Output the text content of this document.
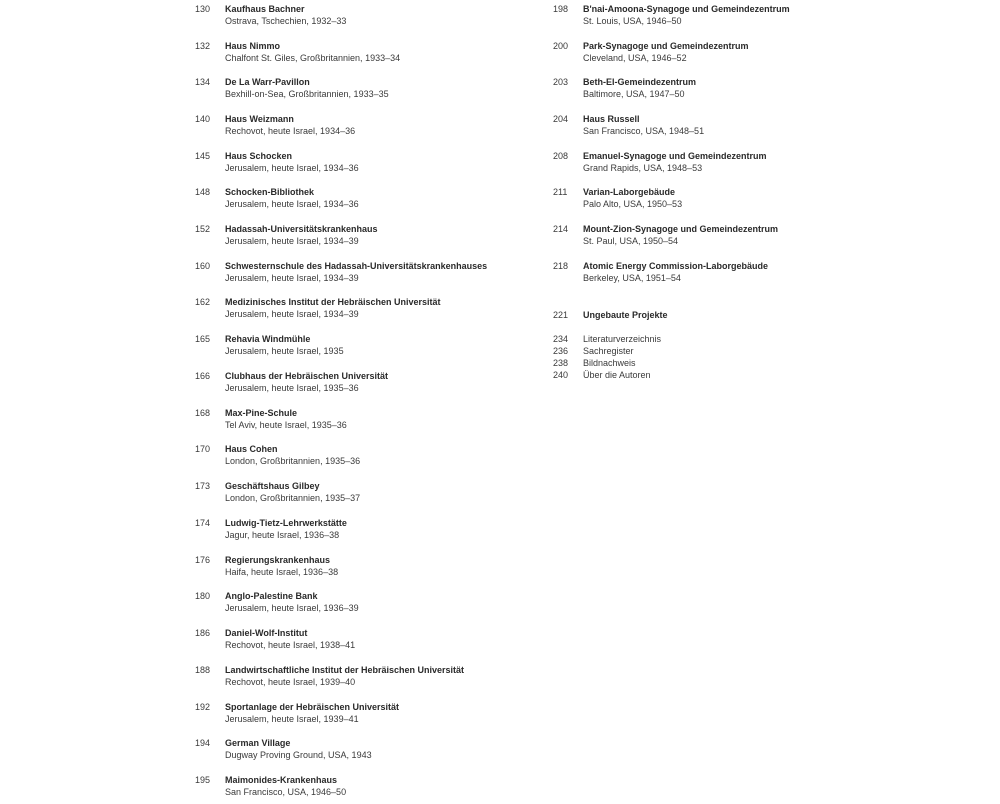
130	Kaufhaus Bachner
Ostrava, Tschechien, 1932–33
132	Haus Nimmo
Chalfont St. Giles, Großbritannien, 1933–34
134	De La Warr-Pavillon
Bexhill-on-Sea, Großbritannien, 1933–35
140	Haus Weizmann
Rechovot, heute Israel, 1934–36
145	Haus Schocken
Jerusalem, heute Israel, 1934–36
148	Schocken-Bibliothek
Jerusalem, heute Israel, 1934–36
152	Hadassah-Universitätskrankenhaus
Jerusalem, heute Israel, 1934–39
160	Schwesternschule des Hadassah-Universitätskrankenhauses
Jerusalem, heute Israel, 1934–39
162	Medizinisches Institut der Hebräischen Universität
Jerusalem, heute Israel, 1934–39
165	Rehavia Windmühle
Jerusalem, heute Israel, 1935
166	Clubhaus der Hebräischen Universität
Jerusalem, heute Israel, 1935–36
168	Max-Pine-Schule
Tel Aviv, heute Israel, 1935–36
170	Haus Cohen
London, Großbritannien, 1935–36
173	Geschäftshaus Gilbey
London, Großbritannien, 1935–37
174	Ludwig-Tietz-Lehrwerkstätte
Jagur, heute Israel, 1936–38
176	Regierungskrankenhaus
Haifa, heute Israel, 1936–38
180	Anglo-Palestine Bank
Jerusalem, heute Israel, 1936–39
186	Daniel-Wolf-Institut
Rechovot, heute Israel, 1938–41
188	Landwirtschaftliche Institut der Hebräischen Universität
Rechovot, heute Israel, 1939–40
192	Sportanlage der Hebräischen Universität
Jerusalem, heute Israel, 1939–41
194	German Village
Dugway Proving Ground, USA, 1943
195	Maimonides-Krankenhaus
San Francisco, USA, 1946–50
198	B'nai-Amoona-Synagoge und Gemeindezentrum
St. Louis, USA, 1946–50
200	Park-Synagoge und Gemeindezentrum
Cleveland, USA, 1946–52
203	Beth-El-Gemeindezentrum
Baltimore, USA, 1947–50
204	Haus Russell
San Francisco, USA, 1948–51
208	Emanuel-Synagoge und Gemeindezentrum
Grand Rapids, USA, 1948–53
211	Varian-Laborgebäude
Palo Alto, USA, 1950–53
214	Mount-Zion-Synagoge und Gemeindezentrum
St. Paul, USA, 1950–54
218	Atomic Energy Commission-Laborgebäude
Berkeley, USA, 1951–54
221	Ungebaute Projekte
234	Literaturverzeichnis
236	Sachregister
238	Bildnachweis
240	Über die Autoren
